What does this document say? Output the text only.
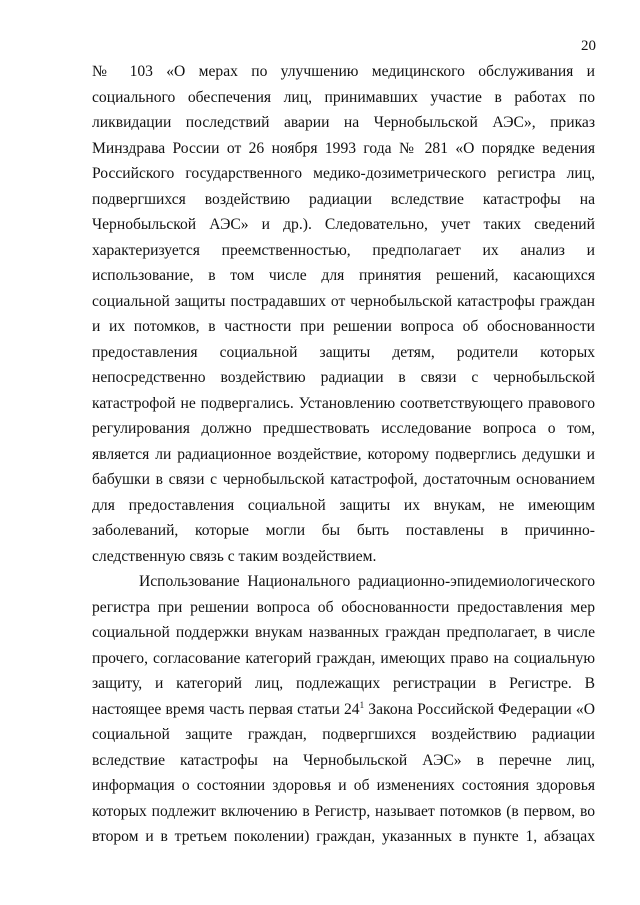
20
№ 103 «О мерах по улучшению медицинского обслуживания и
социального обеспечения лиц, принимавших участие в работах по
ликвидации последствий аварии на Чернобыльской АЭС», приказ
Минздрава России от 26 ноября 1993 года № 281 «О порядке ведения
Российского государственного медико-дозиметрического регистра лиц,
подвергшихся воздействию радиации вследствие катастрофы на
Чернобыльской АЭС» и др.). Следовательно, учет таких сведений
характеризуется преемственностью, предполагает их анализ и
использование, в том числе для принятия решений, касающихся
социальной защиты пострадавших от чернобыльской катастрофы граждан
и их потомков, в частности при решении вопроса об обоснованности
предоставления социальной защиты детям, родители которых
непосредственно воздействию радиации в связи с чернобыльской
катастрофой не подвергались. Установлению соответствующего правового
регулирования должно предшествовать исследование вопроса о том,
является ли радиационное воздействие, которому подверглись дедушки и
бабушки в связи с чернобыльской катастрофой, достаточным основанием
для предоставления социальной защиты их внукам, не имеющим
заболеваний, которые могли бы быть поставлены в причинно-
следственную связь с таким воздействием.
Использование Национального радиационно-эпидемиологического
регистра при решении вопроса об обоснованности предоставления мер
социальной поддержки внукам названных граждан предполагает, в числе
прочего, согласование категорий граждан, имеющих право на социальную
защиту, и категорий лиц, подлежащих регистрации в Регистре. В
настоящее время часть первая статьи $24^1$ Закона Российской Федерации «О
социальной защите граждан, подвергшихся воздействию радиации
вследствие катастрофы на Чернобыльской АЭС» в перечне лиц,
информация о состоянии здоровья и об изменениях состояния здоровья
которых подлежит включению в Регистр, называет потомков (в первом, во
втором и в третьем поколении) граждан, указанных в пункте 1, абзацах
